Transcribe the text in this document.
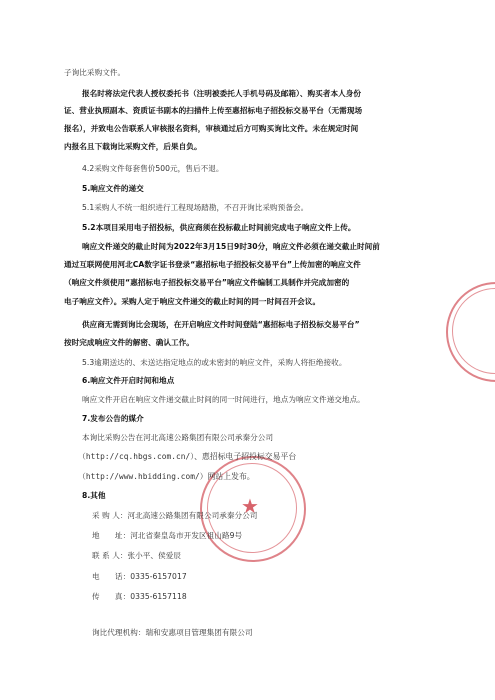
★
子询比采购文件。
报名时将法定代表人授权委托书（注明被委托人手机号码及邮箱）、购买者本人身份
证、营业执照副本、资质证书副本的扫描件上传至惠招标电子招投标交易平台（无需现场
报名），并致电公告联系人审核报名资料，审核通过后方可购买询比文件。未在规定时间
内报名且下载询比采购文件，后果自负。
4.2采购文件每套售价500元，售后不退。
5.响应文件的递交
5.1采购人不统一组织进行工程现场踏勘，不召开询比采购预备会。
5.2本项目采用电子招投标，供应商须在投标截止时间前完成电子响应文件上传。
响应文件递交的截止时间为2022年3月15日9时30分，响应文件必须在递交截止时间前
通过互联网使用河北CA数字证书登录“惠招标电子招投标交易平台”上传加密的响应文件
（响应文件须使用“惠招标电子招投标交易平台”响应文件编制工具制作并完成加密的
电子响应文件）。采购人定于响应文件递交的截止时间的同一时间召开会议。
供应商无需到询比会现场，在开启响应文件时间登陆“惠招标电子招投标交易平台”
按时完成响应文件的解密、确认工作。
5.3逾期送达的、未送达指定地点的或未密封的响应文件，采购人将拒绝接收。
6.响应文件开启时间和地点
响应文件开启在响应文件递交截止时间的同一时间进行，地点为响应文件递交地点。
7.发布公告的媒介
本询比采购公告在河北高速公路集团有限公司承秦分公司
（http://cq.hbgs.com.cn/）、惠招标电子招投标交易平台
（http://www.hbidding.com/）网站上发布。
8.其他
采 购 人：河北高速公路集团有限公司承秦分公司
地　　址：河北省秦皇岛市开发区祖山路9号
联 系 人：张小平、侯爱辰
电　　话：0335-6157017
传　　真：0335-6157118
询比代理机构：瑞和安惠项目管理集团有限公司
